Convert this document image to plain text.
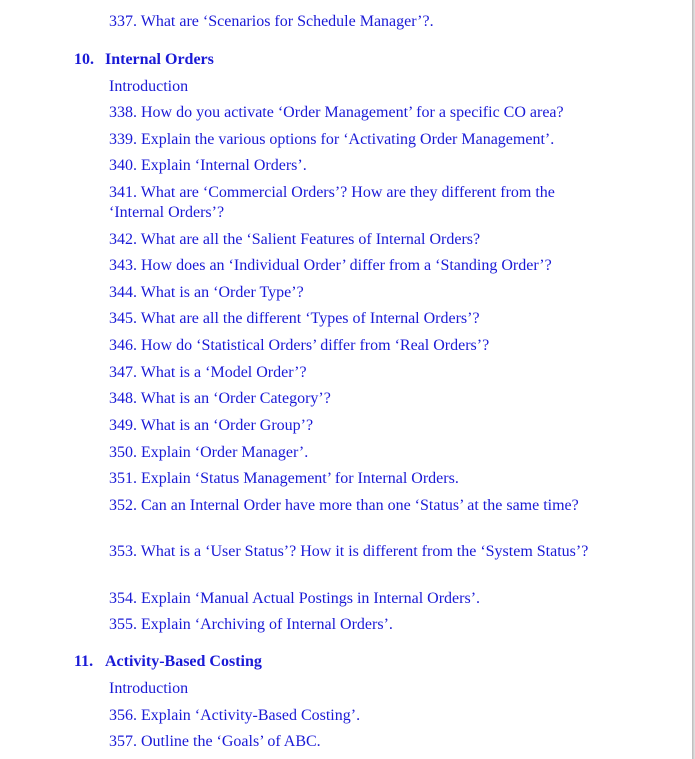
337. What are ‘Scenarios for Schedule Manager’?.
10. Internal Orders
Introduction
338. How do you activate ‘Order Management’ for a specific CO area?
339. Explain the various options for ‘Activating Order Management’.
340. Explain ‘Internal Orders’.
341. What are ‘Commercial Orders’? How are they different from the ‘Internal Orders’?
342. What are all the ‘Salient Features of Internal Orders?
343. How does an ‘Individual Order’ differ from a ‘Standing Order’?
344. What is an ‘Order Type’?
345. What are all the different ‘Types of Internal Orders’?
346. How do ‘Statistical Orders’ differ from ‘Real Orders’?
347. What is a ‘Model Order’?
348. What is an ‘Order Category’?
349. What is an ‘Order Group’?
350. Explain ‘Order Manager’.
351. Explain ‘Status Management’ for Internal Orders.
352. Can an Internal Order have more than one ‘Status’ at the same time?
353. What is a ‘User Status’? How it is different from the ‘System Status’?
354. Explain ‘Manual Actual Postings in Internal Orders’.
355. Explain ‘Archiving of Internal Orders’.
11. Activity-Based Costing
Introduction
356. Explain ‘Activity-Based Costing’.
357. Outline the ‘Goals’ of ABC.
